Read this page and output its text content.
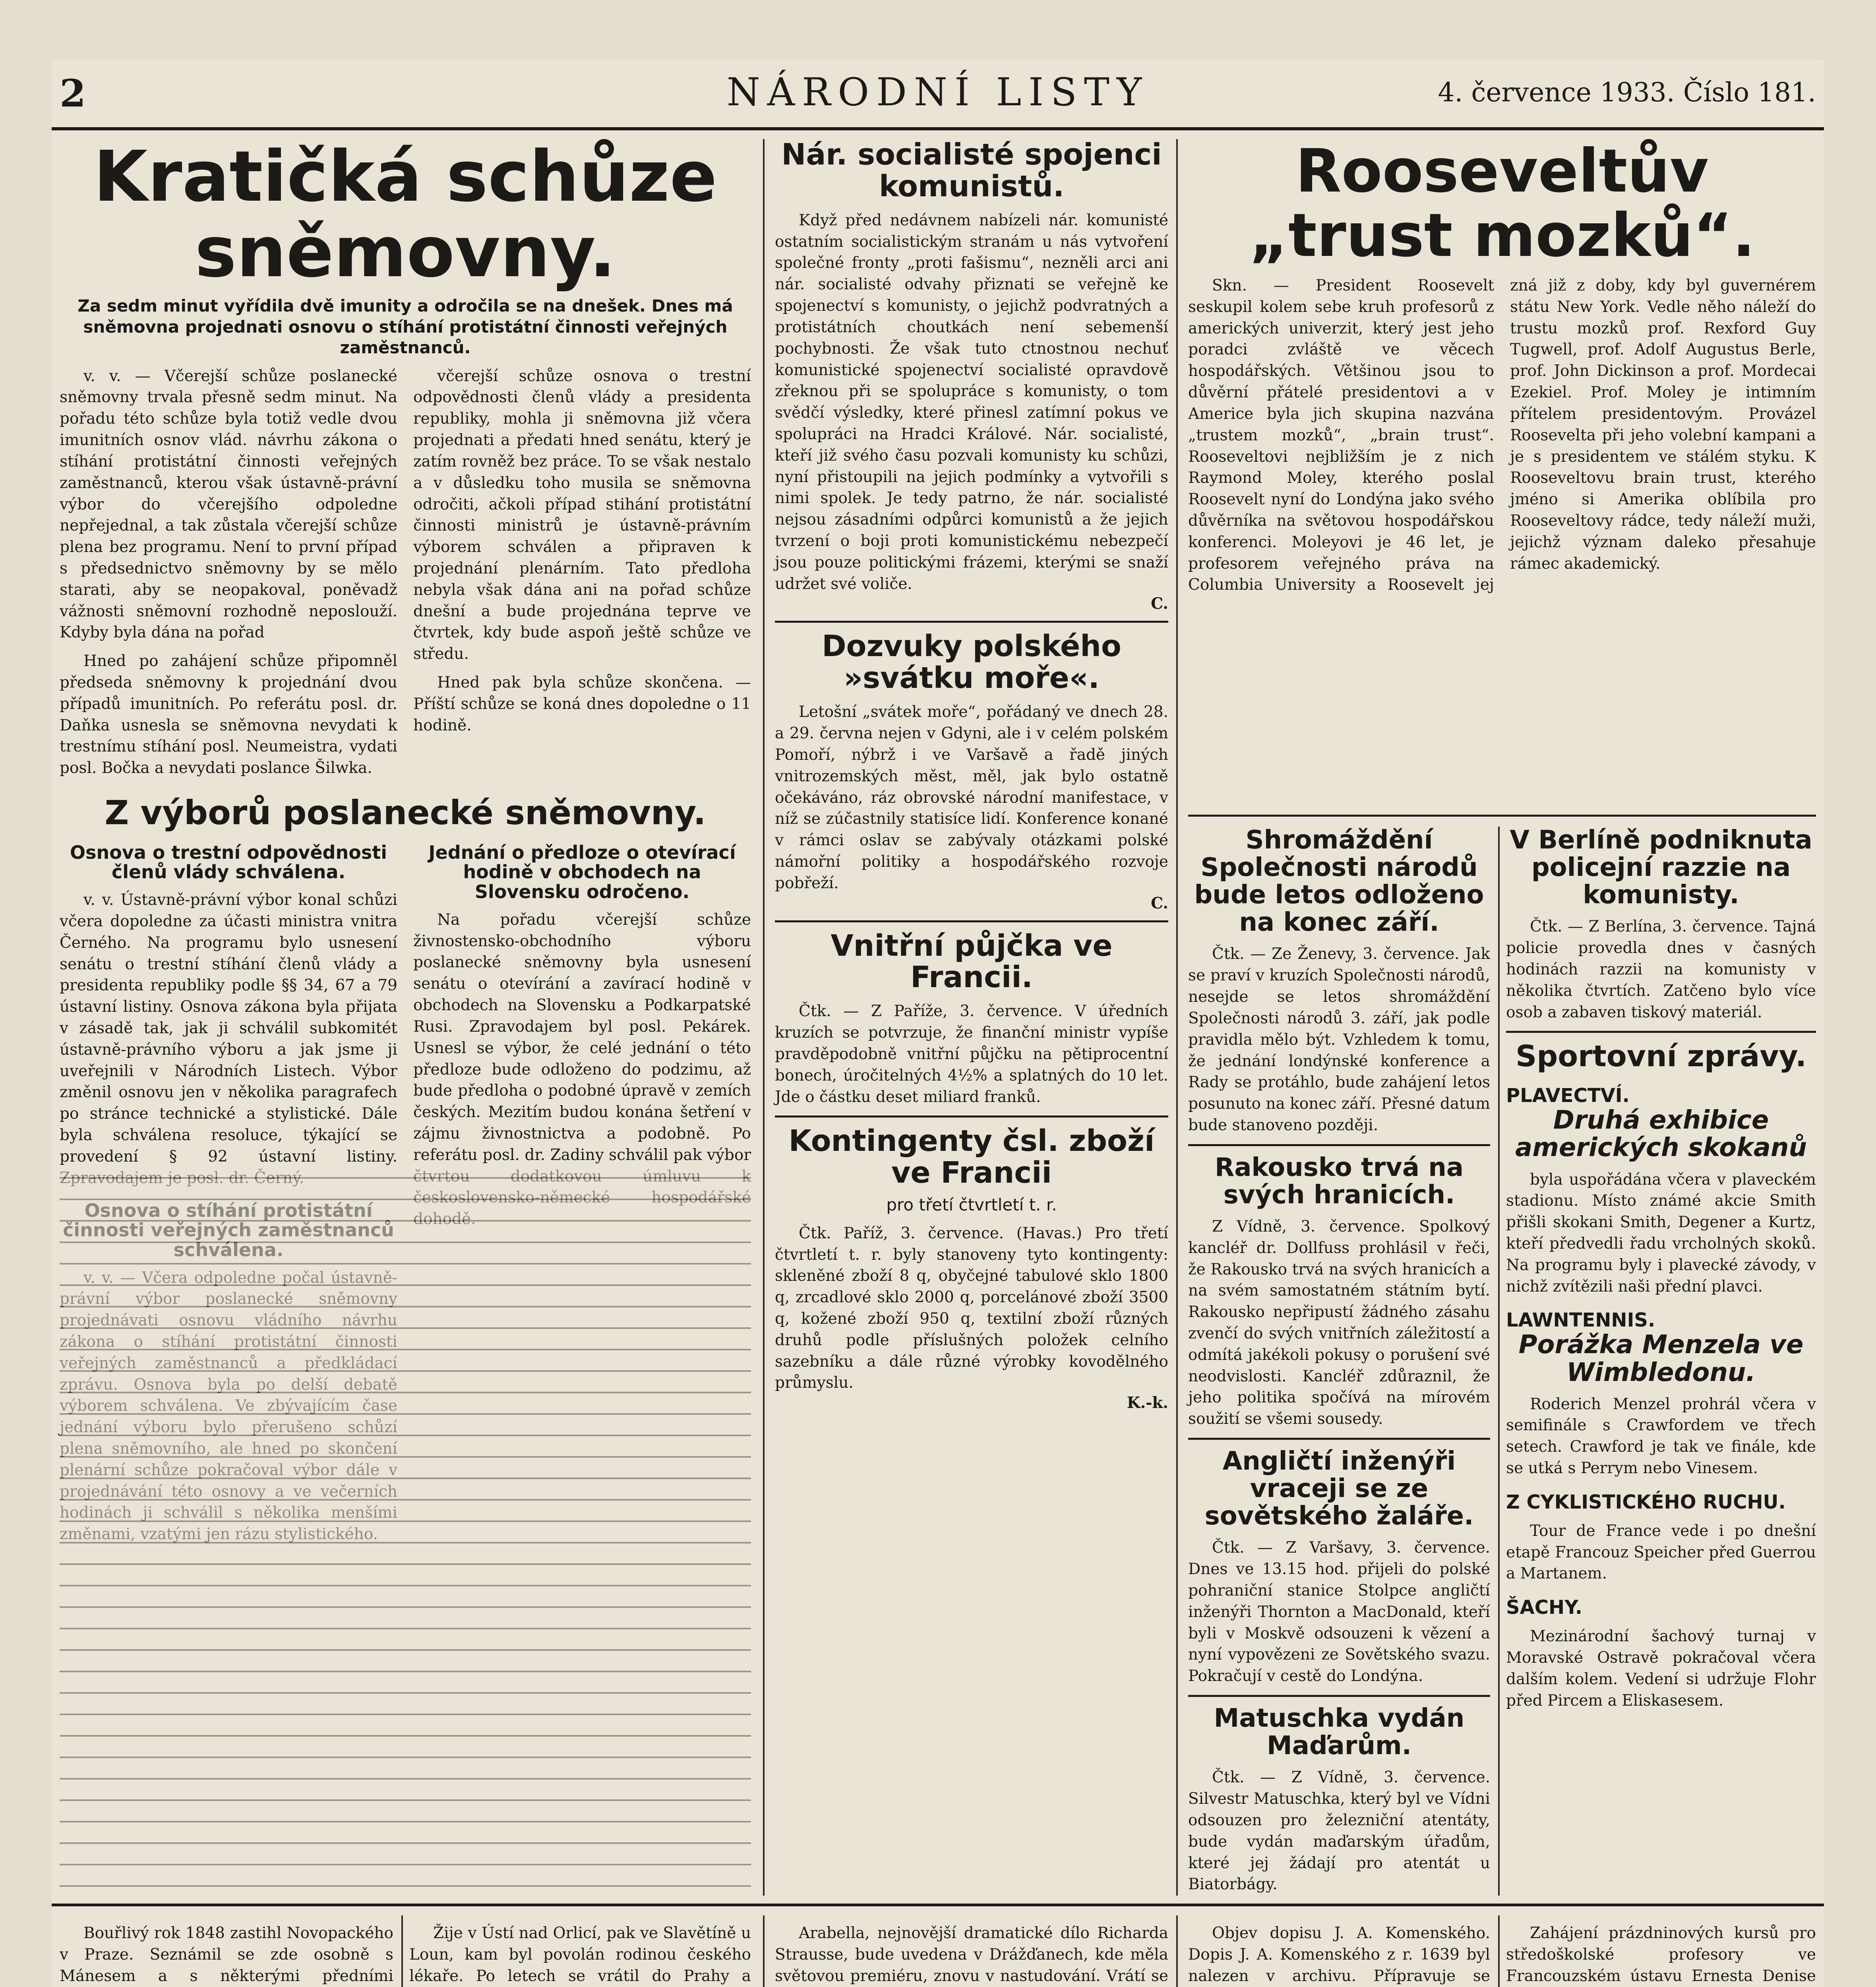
2	NÁRODNÍ LISTY	4. července 1933. Číslo 181.
Kratičká schůze sněmovny.
Za sedm minut vyřídila dvě imunity a odročila se na dnešek. Dnes má sněmovna projednati osnovu o stíhání protistátní činnosti veřejných zaměstnanců.
v. v. — Včerejší schůze poslanecké sněmovny trvala přesně sedm minut. Na pořadu této schůze byla totiž vedle dvou imunitních osnov vlád. návrhu zákona o stíhání protistátní činnosti veřejných zaměstnanců, kterou však ústavně-právní výbor do včerejšího odpoledne nepřejednal, a tak zůstala včerejší schůze plena bez programu. Není to první případ s předsednictvo sněmovny by se mělo starati, aby se neopakoval, poněvadž vážnosti sněmovní rozhodně neposlouží. Kdyby byla dána na pořad
Hned po zahájení schůze připomněl předseda sněmovny k projednání dvou případů imunitních. Po referátu posl. dr. Daňka usnesla se sněmovna nevydati k trestnímu stíhání posl. Neumeistra, vydati posl. Bočka a nevydati poslance Šilwka.
včerejší schůze osnova o trestní odpovědnosti členů vlády a presidenta republiky, mohla ji sněmovna již včera projednati a předati hned senátu, který je zatím rovněž bez práce. To se však nestalo a v důsledku toho musila se sněmovna odročiti, ačkoli případ stihání protistátní činnosti ministrů je ústavně-právním výborem schválen a připraven k projednání plenárním. Tato předloha nebyla však dána ani na pořad schůze dnešní a bude projednána teprve ve čtvrtek, kdy bude aspoň ještě schůze ve středu.
Hned pak byla schůze skončena. — Příští schůze se koná dnes dopoledne o 11 hodině.
Z výborů poslanecké sněmovny.
Osnova o trestní odpovědnosti členů vlády schválena.
v. v. Ústavně-právní výbor konal schůzi včera dopoledne za účasti ministra vnitra Černého. Na programu bylo usnesení senátu o trestní stíhání členů vlády a presidenta republiky podle §§ 34, 67 a 79 ústavní listiny. Osnova zákona byla přijata v zásadě tak, jak ji schválil subkomitét ústavně-právního výboru a jak jsme ji uveřejnili v Národních Listech. Výbor změnil osnovu jen v několika paragrafech po stránce technické a stylistické. Dále byla schválena resoluce, týkající se provedení § 92 ústavní listiny.
Jednání o předloze o otevírací hodině v obchodech na Slovensku odročeno.
Na pořadu včerejší schůze živnostensko-obchodního výboru poslanecké sněmovny byla usnesení senátu o otevírání a zavírací hodině v obchodech na Slovensku a Podkarpatské Rusi. Zpravodajem byl posl. Pekárek. Usnesl se výbor, že celé jednání o této předloze bude odloženo do podzimu, až bude předloha o podobné úpravě v zemích českých. Mezitím budou konána šetření v zájmu živnostnictva a podobně. Po referátu posl. dr. Zadiny schválil pak výbor
Nár. socialisté spojenci komunistů.
Když před nedávnem nabízeli nár. komunisté ostatním socialistickým stranám u nás vytvoření společné fronty „proti fašismu“, nezněli arci ani nár. socialisté odvahy přiznati se veřejně ke spojenectví s komunisty, o jejichž podvratných a protistátních choutkách není sebemenší pochybnosti. Že však tuto ctnostnou nechuť komunistické spojenectví socialisté opravdově zřeknou při se spolupráce s komunisty, o tom svědčí výsledky, které přinesl zatímní pokus ve spolupráci na Hradci Králové. Nár. socialisté, kteří již svého času pozvali komunisty ku schůzi, nyní přistoupili na jejich podmínky a vytvořili s nimi spolek. Je tedy patrno, že nár. socialisté nejsou zásadními odpůrci komunistů a že jejich tvrzení o boji proti komunistickému nebezpečí jsou pouze politickými frázemi, kterými se snaží udržet své voliče.
C.
Dozvuky polského »svátku moře«.
Letošní „svátek moře“, pořádaný ve dnech 28. a 29. června nejen v Gdyni, ale i v celém polském Pomoří, nýbrž i ve Varšavě a řadě jiných vnitrozemských měst, měl, jak bylo ostatně očekáváno, ráz obrovské národní manifestace, v níž se zúčastnily statisíce lidí. Konference konané v rámci oslav se zabývaly otázkami polské námořní politiky a hospodářského rozvoje pobřeží.
C.
Vnitřní půjčka ve Francii.
Čtk. — Z Paříže, 3. července. V úředních kruzích se potvrzuje, že finanční ministr vypíše pravděpodobně vnitřní půjčku na pětiprocentní bonech, úročitelných 4½% a splatných do 10 let. Jde o částku deset miliard franků.
Kontingenty čsl. zboží ve Francii
pro třetí čtvrtletí t. r.
Čtk. Paříž, 3. července. (Havas.) Pro třetí čtvrtletí t. r. byly stanoveny tyto kontingenty: skleněné zboží 8 q, obyčejné tabulové sklo 1800 q, zrcadlové sklo 2000 q, porcelánové zboží 3500 q, kožené zboží 950 q, textilní zboží různých druhů podle příslušných položek celního sazebníku a dále různé výrobky kovodělného průmyslu.
K.-k.
Rooseveltův „trust mozků“.
Skn. — President Roosevelt seskupil kolem sebe kruh profesorů z amerických univerzit, který jest jeho poradci zvláště ve věcech hospodářských. Většinou jsou to důvěrní přátelé presidentovi a v Americe byla jich skupina nazvána „trustem mozků“, „brain trust“. Rooseveltovi nejbližším je z nich Raymond Moley, kterého poslal Roosevelt nyní do Londýna jako svého důvěrníka na světovou hospodářskou konferenci. Moleyovi je 46 let, je profesorem veřejného práva na Columbia University a Roosevelt jej zná již z doby, kdy byl guvernérem státu New York. Vedle něho náleží do trustu mozků prof. Rexford Guy Tugwell, prof. Adolf Augustus Berle, prof. John Dickinson a prof. Mordecai Ezekiel. Prof. Moley je intimním přítelem presidentovým. Provázel Roosevelta při jeho volební kampani a je s presidentem ve stálém styku. K Rooseveltovu brain trust, kterého jméno si Amerika oblíbila pro Rooseveltovy rádce, tedy náleží muži, jejichž význam daleko přesahuje rámec akademický.
Shromáždění Společnosti národů bude letos odloženo na konec září.
Čtk. — Ze Ženevy, 3. července. Jak se praví v kruzích Společnosti národů, nesejde se letos shromáždění Společnosti národů 3. září, jak podle pravidla mělo být. Vzhledem k tomu, že jednání londýnské konference a Rady se protáhlo, bude zahájení letos posunuto na konec září. Přesné datum bude stanoveno později.
Rakousko trvá na svých hranicích.
Z Vídně, 3. července. Spolkový kancléř dr. Dollfuss prohlásil v řeči, že Rakousko trvá na svých hranicích a na svém samostatném státním bytí. Rakousko nepřipustí žádného zásahu zvenčí do svých vnitřních záležitostí a odmítá jakékoli pokusy o porušení své neodvislosti. Kancléř zdůraznil, že jeho politika spočívá na mírovém soužití se všemi sousedy.
Angličtí inženýři vraceji se ze sovětského žaláře.
Čtk. — Z Varšavy, 3. července. Dnes ve 13.15 hod. přijeli do polské pohraniční stanice Stolpce angličtí inženýři Thornton a MacDonald, kteří byli v Moskvě odsouzeni k vězení a nyní vypovězeni ze Sovětského svazu. Pokračují v cestě do Londýna.
Matuschka vydán Maďarům.
Čtk. — Z Vídně, 3. července. Silvestr Matuschka, který byl ve Vídni odsouzen pro železniční atentáty, bude vydán maďarským úřadům, které jej žádají pro atentát u Biatorbágy.
V Berlíně podniknuta policejní razzie na komunisty.
Čtk. — Z Berlína, 3. července. Tajná policie provedla dnes v časných hodinách razzii na komunisty v několika čtvrtích. Zatčeno bylo více osob a zabaven tiskový materiál.
Sportovní zprávy.
PLAVECTVÍ.
Druhá exhibice amerických skokanů
byla uspořádána včera v plaveckém stadionu. Místo známé akcie Smith přišli skokani Smith, Degener a Kurtz, kteří předvedli řadu vrcholných skoků. Na programu byly i plavecké závody, v nichž zvítězili naši přední plavci.
LAWNTENNIS.
Porážka Menzela ve Wimbledonu.
Roderich Menzel prohrál včera v semifinále s Crawfordem ve třech setech. Crawford je tak ve finále, kde se utká s Perrym nebo Vinesem.
Z CYKLISTICKÉHO RUCHU.
Tour de France vede i po dnešní etapě Francouz Speicher před Guerrou a Martanem.
ŠACHY.
Mezinárodní šachový turnaj v Moravské Ostravě pokračoval včera dalším kolem. Vedení si udržuje Flohr před Pircem a Eliskasesem.
Bouřlivý rok 1848 zastihl Novopackého v Praze. Seznámil se zde osobně s Mánesem a s některými předními
Žije v Ústí nad Orlicí, pak ve Slavětíně u Loun, kam byl povolán rodinou českého lékaře. Po letech se vrátil do Prahy a
Arabella, nejnovější dramatické dílo Richarda Strausse, bude uvedena v Drážďanech, kde měla světovou premiéru, znovu v nastudování. Vrátí se
Objev dopisu J. A. Komenského. Dopis J. A. Komenského z r. 1639 byl nalezen v archivu. Přípravuje se
Zahájení prázdninových kursů pro středoškolské profesory ve Francouzském ústavu Ernesta Denise
